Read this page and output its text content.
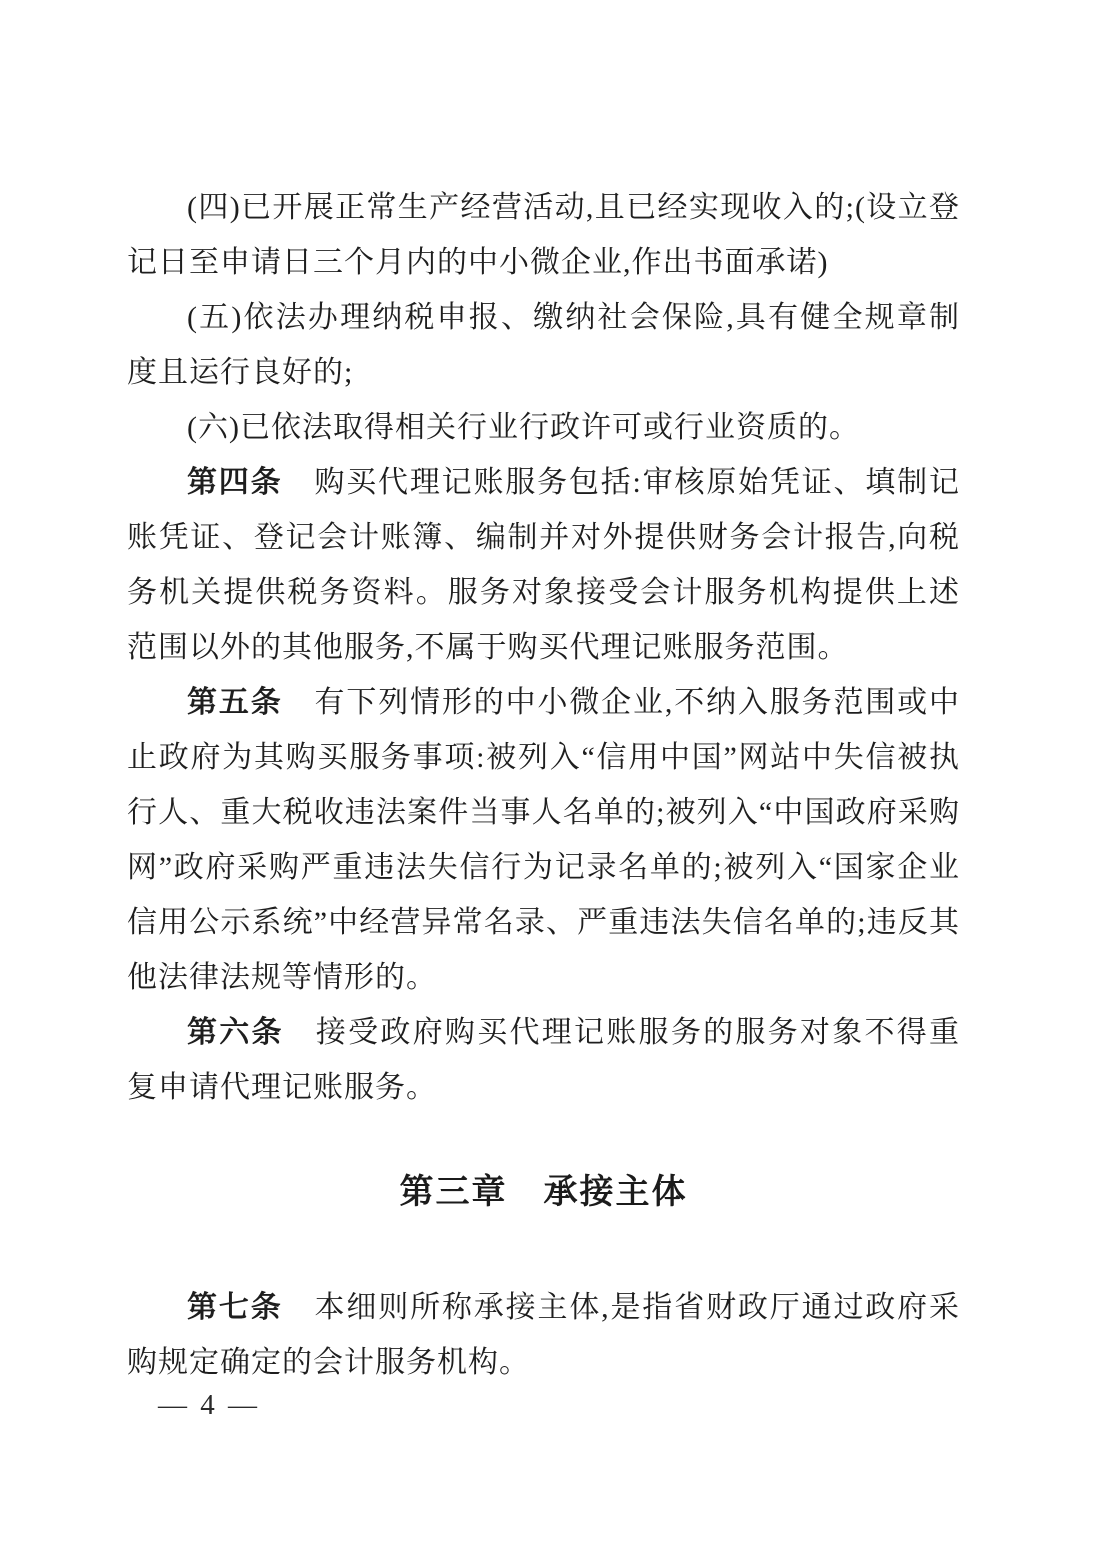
(四)已开展正常生产经营活动,且已经实现收入的;(设立登记日至申请日三个月内的中小微企业,作出书面承诺)

(五)依法办理纳税申报、缴纳社会保险,具有健全规章制度且运行良好的;

(六)已依法取得相关行业行政许可或行业资质的。

第四条 购买代理记账服务包括:审核原始凭证、填制记账凭证、登记会计账簿、编制并对外提供财务会计报告,向税务机关提供税务资料。服务对象接受会计服务机构提供上述范围以外的其他服务,不属于购买代理记账服务范围。

第五条 有下列情形的中小微企业,不纳入服务范围或中止政府为其购买服务事项:被列入“信用中国”网站中失信被执行人、重大税收违法案件当事人名单的;被列入“中国政府采购网”政府采购严重违法失信行为记录名单的;被列入“国家企业信用公示系统”中经营异常名录、严重违法失信名单的;违反其他法律法规等情形的。

第六条 接受政府购买代理记账服务的服务对象不得重复申请代理记账服务。

第三章　承接主体

第七条 本细则所称承接主体,是指省财政厅通过政府采购规定确定的会计服务机构。

— 4 —
